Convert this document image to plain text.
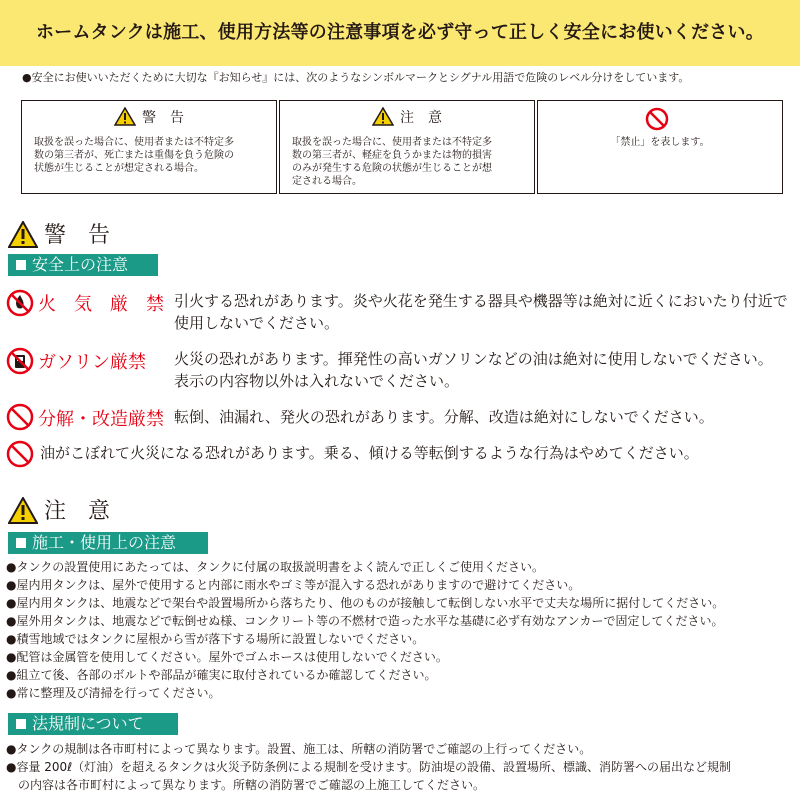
ホームタンクは施工、使用方法等の注意事項を必ず守って正しく安全にお使いください。
●安全にお使いいただくために大切な『お知らせ』には、次のようなシンボルマークとシグナル用語で危険のレベル分けをしています。
警　告
取扱を誤った場合に、使用者または不特定多
数の第三者が、死亡または重傷を負う危険の
状態が生じることが想定される場合。
注　意
取扱を誤った場合に、使用者または不特定多
数の第三者が、軽症を負うかまたは物的損害
のみが発生する危険の状態が生じることが想
定される場合。
「禁止」を表します。
警　告
安全上の注意
火　気　厳　禁 引火する恐れがあります。炎や火花を発生する器具や機器等は絶対に近くにおいたり付近で
使用しないでください。
ガソリン厳禁 火災の恐れがあります。揮発性の高いガソリンなどの油は絶対に使用しないでください。
表示の内容物以外は入れないでください。
分解・改造厳禁 転倒、油漏れ、発火の恐れがあります。分解、改造は絶対にしないでください。
油がこぼれて火災になる恐れがあります。乗る、傾ける等転倒するような行為はやめてください。
注　意
施工・使用上の注意
●タンクの設置使用にあたっては、タンクに付属の取扱説明書をよく読んで正しくご使用ください。
●屋内用タンクは、屋外で使用すると内部に雨水やゴミ等が混入する恐れがありますので避けてください。
●屋内用タンクは、地震などで架台や設置場所から落ちたり、他のものが接触して転倒しない水平で丈夫な場所に据付してください。
●屋外用タンクは、地震などで転倒せぬ様、コンクリート等の不燃材で造った水平な基礎に必ず有効なアンカーで固定してください。
●積雪地域ではタンクに屋根から雪が落下する場所に設置しないでください。
●配管は金属管を使用してください。屋外でゴムホースは使用しないでください。
●組立て後、各部のボルトや部品が確実に取付されているか確認してください。
●常に整理及び清掃を行ってください。
法規制について
●タンクの規制は各市町村によって異なります。設置、施工は、所轄の消防署でご確認の上行ってください。
●容量 200ℓ（灯油）を超えるタンクは火災予防条例による規制を受けます。防油堤の設備、設置場所、標識、消防署への届出など規制
　の内容は各市町村によって異なります。所轄の消防署でご確認の上施工してください。
